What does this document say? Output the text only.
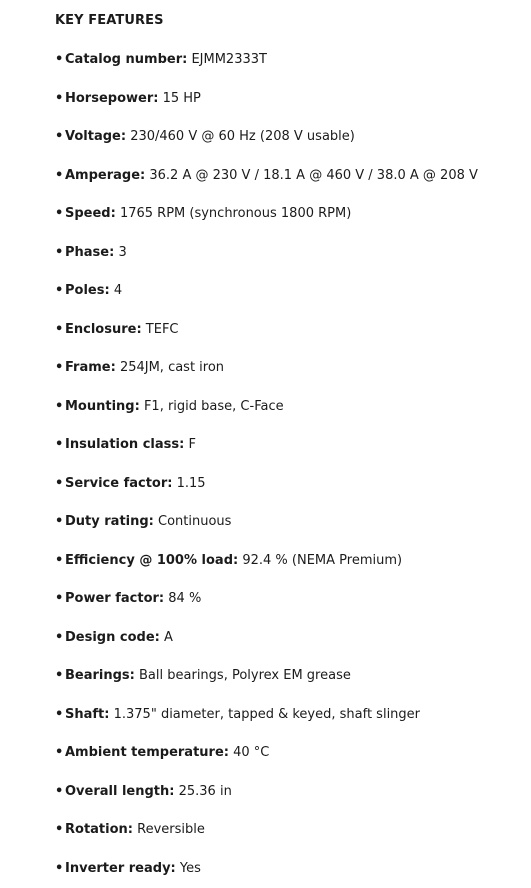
KEY FEATURES
• Catalog number: EJMM2333T
• Horsepower: 15 HP
• Voltage: 230/460 V @ 60 Hz (208 V usable)
• Amperage: 36.2 A @ 230 V / 18.1 A @ 460 V / 38.0 A @ 208 V
• Speed: 1765 RPM (synchronous 1800 RPM)
• Phase: 3
• Poles: 4
• Enclosure: TEFC
• Frame: 254JM, cast iron
• Mounting: F1, rigid base, C-Face
• Insulation class: F
• Service factor: 1.15
• Duty rating: Continuous
• Efficiency @ 100% load: 92.4 % (NEMA Premium)
• Power factor: 84 %
• Design code: A
• Bearings: Ball bearings, Polyrex EM grease
• Shaft: 1.375" diameter, tapped & keyed, shaft slinger
• Ambient temperature: 40 °C
• Overall length: 25.36 in
• Rotation: Reversible
• Inverter ready: Yes
